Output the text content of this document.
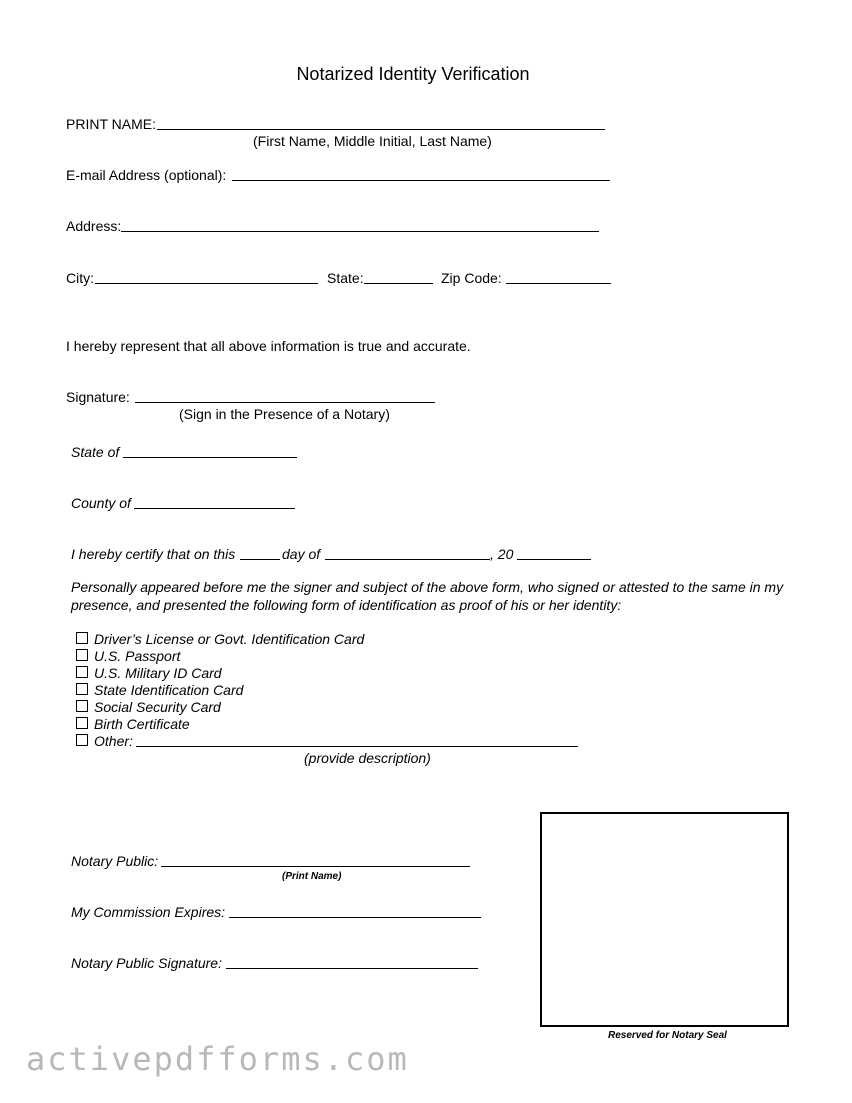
Notarized Identity Verification
PRINT NAME:
(First Name, Middle Initial, Last Name)
E-mail Address (optional):
Address:
City:	State:	Zip Code:
I hereby represent that all above information is true and accurate.
Signature:
(Sign in the Presence of a Notary)
State of
County of
I hereby certify that on this	day of	, 20
Personally appeared before me the signer and subject of the above form, who signed or attested to the same in my presence, and presented the following form of identification as proof of his or her identity:
Driver’s License or Govt. Identification Card
U.S. Passport
U.S. Military ID Card
State Identification Card
Social Security Card
Birth Certificate
Other:
(provide description)
Notary Public:
(Print Name)
My Commission Expires:
Notary Public Signature:
Reserved for Notary Seal
activepdfforms.com
